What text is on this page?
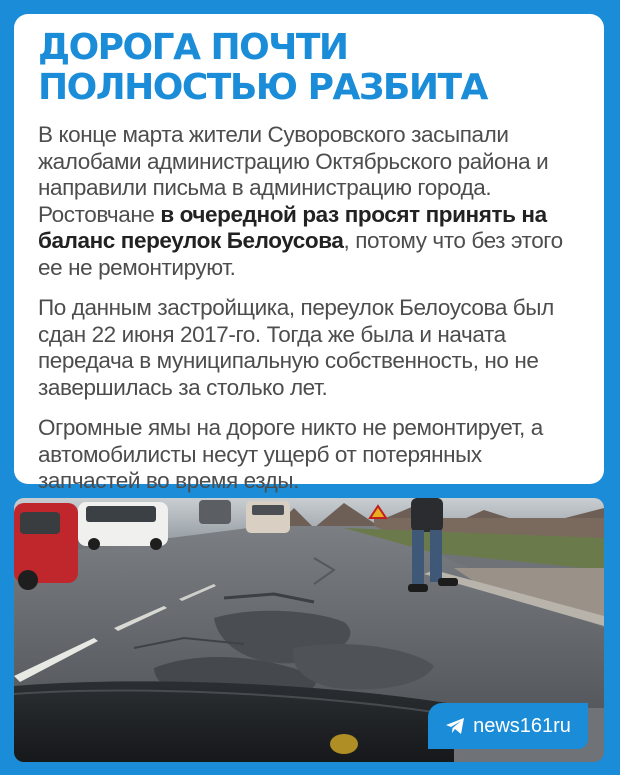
ДОРОГА ПОЧТИ ПОЛНОСТЬЮ РАЗБИТА

В конце марта жители Суворовского засыпали жалобами администрацию Октябрьского района и направили письма в администрацию города. Ростовчане в очередной раз просят принять на баланс переулок Белоусова, потому что без этого ее не ремонтируют.

По данным застройщика, переулок Белоусова был сдан 22 июня 2017-го. Тогда же была и начата передача в муниципальную собственность, но не завершилась за столько лет.

Огромные ямы на дороге никто не ремонтирует, а автомобилисты несут ущерб от потерянных запчастей во время езды.

news161ru
